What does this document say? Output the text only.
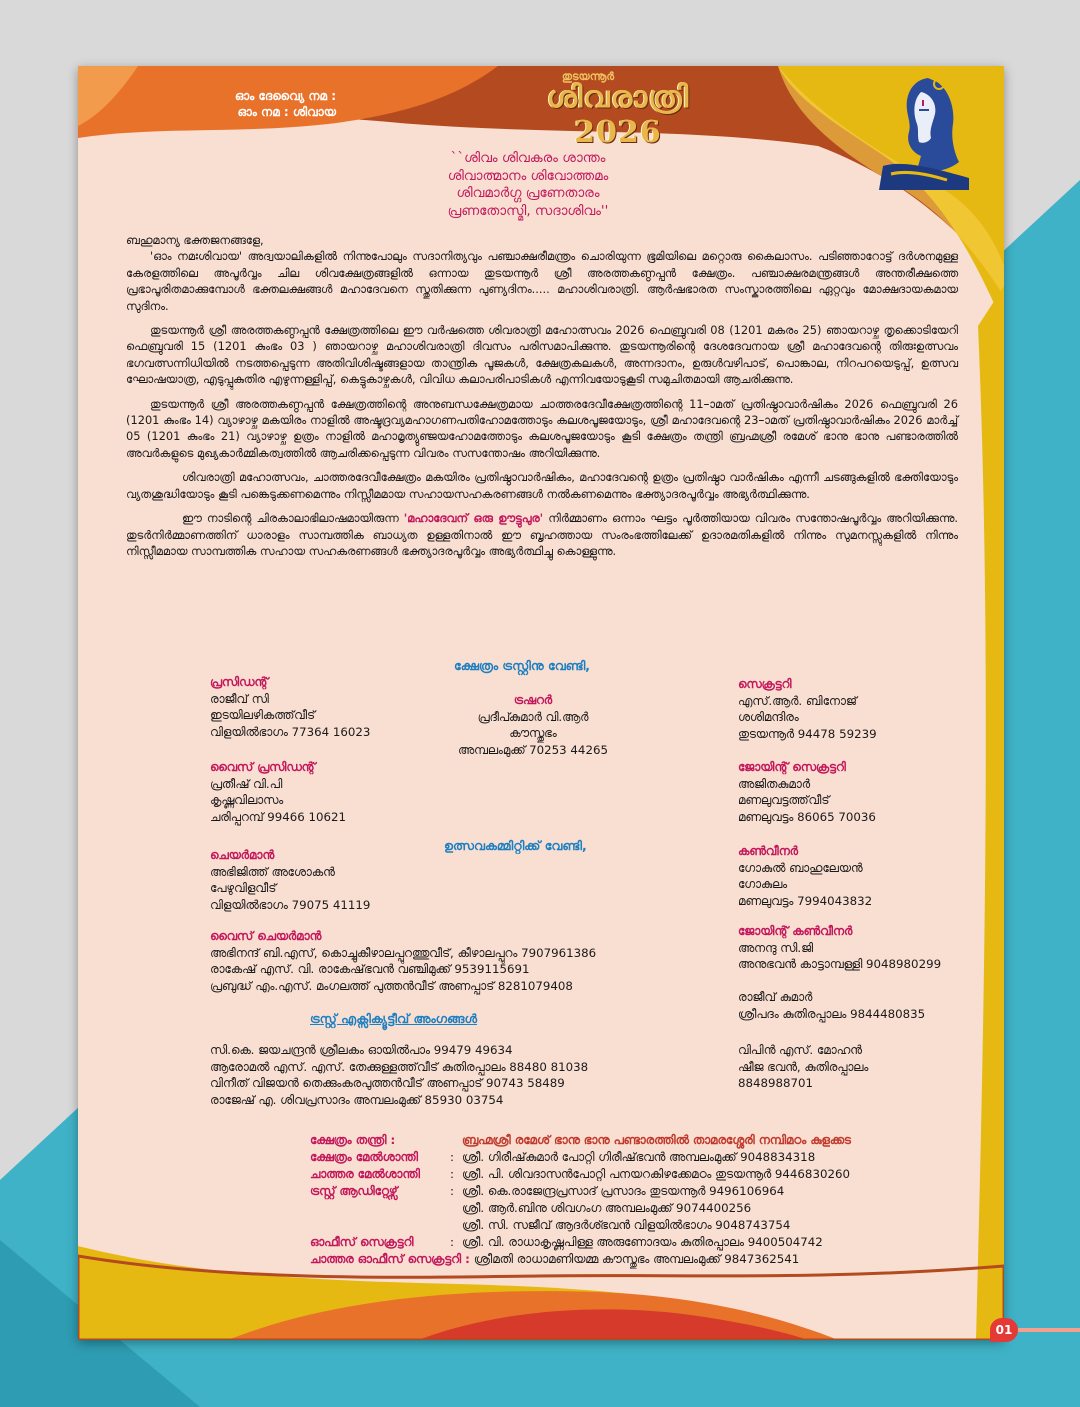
ഓം ദേവ്യൈ നമ :
ഓം നമ : ശിവായ
തുടയന്നൂർ
ശിവരാത്രി 2026
``ശിവം ശിവകരം ശാന്തം
ശിവാത്മാനം ശിവോത്തമം
ശിവമാർഗ്ഗ പ്രണേതാരം
പ്രണതോസ്മി, സദാശിവം''

ബഹുമാന്യ ഭക്തജനങ്ങളേ,

'ഓം നമഃശിവായ' അദ്വയാലികളിൽ നിന്നുപോലും സദാനിത്യവും പഞ്ചാക്ഷരീമന്ത്രം ചൊരിയുന്ന ഭൂമിയിലെ മറ്റൊരു കൈലാസം. പടിഞ്ഞാറോട്ട് ദർശനമുള്ള കേരളത്തിലെ അപൂർവ്വം ചില ശിവക്ഷേത്രങ്ങളിൽ ഒന്നായ തുടയന്നൂർ ശ്രീ അരത്തകണ്ഠപ്പൻ ക്ഷേത്രം. പഞ്ചാക്ഷരമന്ത്രങ്ങൾ അന്തരീക്ഷത്തെ പ്രഭാപൂരിതമാക്കുമ്പോൾ ഭക്തലക്ഷങ്ങൾ മഹാദേവനെ സ്തുതിക്കുന്ന പുണ്യദിനം..... മഹാശിവരാത്രി. ആർഷഭാരത സംസ്കാരത്തിലെ ഏറ്റവും മോക്ഷദായകമായ സുദിനം.

തുടയന്നൂർ ശ്രീ അരത്തകണ്ഠപ്പൻ ക്ഷേത്രത്തിലെ ഈ വർഷത്തെ ശിവരാത്രി മഹോത്സവം 2026 ഫെബ്രുവരി 08 (1201 മകരം 25) ഞായറാഴ്ച തൃക്കൊടിയേറി ഫെബ്രുവരി 15 (1201 കുംഭം 03 ) ഞായറാഴ്ച മഹാശിവരാത്രി ദിവസം പരിസമാപിക്കുന്നു. തുടയന്നൂരിന്റെ ദേശദേവനായ ശ്രീ മഹാദേവന്റെ തിരുഃഉത്സവം ഭഗവത്സന്നിധിയിൽ നടത്തപ്പെടുന്ന അതിവിശിഷ്ടങ്ങളായ താന്ത്രിക പൂജകൾ, ക്ഷേത്രകലകൾ, അന്നദാനം, ഉരുൾവഴിപാട്, പൊങ്കാല, നിറപറയെടുപ്പ്, ഉത്സവ ഘോഷയാത്ര, എടുപ്പുകുതിര എഴുന്നള്ളിപ്പ്, കെട്ടുകാഴ്ചകൾ, വിവിധ കലാപരിപാടികൾ എന്നിവയോടുകൂടി സമുചിതമായി ആചരിക്കുന്നു.

തുടയന്നൂർ ശ്രീ അരത്തകണ്ഠപ്പൻ ക്ഷേത്രത്തിന്റെ അനുബന്ധക്ഷേത്രമായ ചാത്തരദേവീക്ഷേത്രത്തിന്റെ 11–ാമത് പ്രതിഷ്ഠാവാർഷികം 2026 ഫെബ്രുവരി 26 (1201 കുംഭം 14) വ്യാഴാഴ്ച മകയിരം നാളിൽ അഷ്ടദ്രവ്യമഹാഗണപതിഹോമത്തോടും കലശപൂജയോടും, ശ്രീ മഹാദേവന്റെ 23–ാമത് പ്രതിഷ്ഠാവാർഷികം 2026 മാർച്ച് 05 (1201 കുംഭം 21) വ്യാഴാഴ്ച ഉത്രം നാളിൽ മഹാമൃത്യുഞ്ജയഹോമത്തോടും കലശപൂജയോടും കൂടി ക്ഷേത്രം തന്ത്രി ബ്രഹ്മശ്രീ രമേശ് ഭാനു ഭാനു പണ്ടാരത്തിൽ അവർകളുടെ മുഖ്യകാർമ്മികത്വത്തിൽ ആചരിക്കപ്പെടുന്ന വിവരം സസന്തോഷം അറിയിക്കുന്നു.

ശിവരാത്രി മഹോത്സവം, ചാത്തരദേവീക്ഷേത്രം മകയിരം പ്രതിഷ്ഠാവാർഷികം, മഹാദേവന്റെ ഉത്രം പ്രതിഷ്ഠാ വാർഷികം എന്നീ ചടങ്ങുകളിൽ ഭക്തിയോടും വ്യതശുദ്ധിയോടും കൂടി പങ്കെടുക്കണമെന്നും നിസ്സീമമായ സഹായസഹകരണങ്ങൾ നൽകണമെന്നും ഭക്ത്യാദരപൂർവ്വം അഭ്യർത്ഥിക്കുന്നു.

ഈ നാടിന്റെ ചിരകാലാഭിലാഷമായിരുന്ന 'മഹാദേവന് ഒരു ഊട്ടുപുര' നിർമ്മാണം ഒന്നാം ഘട്ടം പൂർത്തിയായ വിവരം സന്തോഷപൂർവ്വം അറിയിക്കുന്നു. തുടർനിർമ്മാണത്തിന് ധാരാളം സാമ്പത്തിക ബാധ്യത ഉള്ളതിനാൽ ഈ ബൃഹത്തായ സംരംഭത്തിലേക്ക് ഉദാരമതികളിൽ നിന്നും സുമനസ്സുകളിൽ നിന്നും നിസ്സീമമായ സാമ്പത്തിക സഹായ സഹകരണങ്ങൾ ഭക്ത്യാദരപൂർവ്വം അഭ്യർത്ഥിച്ചു കൊള്ളുന്നു.

ക്ഷേത്രം ട്രസ്റ്റിനു വേണ്ടി,
പ്രസിഡന്റ്
രാജീവ് സി
ഇടയിലഴികത്ത്‌വീട്
വിളയിൽഭാഗം 77364 16023
ട്രഷറർ
പ്രദീപ്കുമാർ വി.ആർ
കൗസ്തുഭം
അമ്പലംമുക്ക് 70253 44265
സെക്രട്ടറി
എസ്.ആർ. ബിനോജ്
ശശിമന്ദിരം
തുടയന്നൂർ 94478 59239
വൈസ് പ്രസിഡന്റ്
പ്രതീഷ് വി.പി
കൃഷ്ണവിലാസം
ചരിപ്പറമ്പ് 99466 10621
ജോയിന്റ് സെക്രട്ടറി
അജിതകുമാർ
മണലുവട്ടത്ത്‌വീട്
മണലുവട്ടം 86065 70036
ഉത്സവകമ്മിറ്റിക്ക് വേണ്ടി,
ചെയർമാൻ
അഭിജിത്ത് അശോകൻ
പേഴുവിളവീട്
വിളയിൽഭാഗം 79075 41119
കൺവീനർ
ഗോകുൽ ബാഹുലേയൻ
ഗോകുലം
മണലുവട്ടം 7994043832
വൈസ് ചെയർമാൻ
അഭിനന്ദ് ബി.എസ്, കൊച്ചുകീഴാലപ്പുറത്തുവീട്, കീഴാലപ്പുറം 7907961386
രാകേഷ് എസ്. വി. രാകേഷ്‌ഭവൻ വഞ്ചിമുക്ക് 9539115691
പ്രബുദ്ധ് എം.എസ്. മംഗലത്ത് പുത്തൻവീട് അണപ്പാട് 8281079408
ജോയിന്റ് കൺവീനർ
അനന്ദു സി.ജി
അനുഭവൻ കാട്ടാമ്പള്ളി 9048980299
രാജീവ് കുമാർ
ശ്രീപദം കുതിരപ്പാലം 9844480835
വിപിൻ എസ്. മോഹൻ
ഷീജ ഭവൻ, കുതിരപ്പാലം
8848988701
ട്രസ്റ്റ് എക്സിക്യൂട്ടീവ് അംഗങ്ങൾ
സി.കെ. ജയചന്ദ്രൻ ശ്രീലകം ഓയിൽപാം 99479 49634
ആരോമൽ എസ്. എസ്. തേക്കുള്ളത്ത്‌വീട് കുതിരപ്പാലം 88480 81038
വിനീത് വിജയൻ തെക്കുംകരപുത്തൻവീട് അണപ്പാട് 90743 58489
രാജേഷ് എ. ശിവപ്രസാദം അമ്പലംമുക്ക് 85930 03754
ക്ഷേത്രം തന്ത്രി :	ബ്രഹ്മശ്രീ രമേശ് ഭാനു ഭാനു പണ്ടാരത്തിൽ താമരശ്ശേരി നമ്പിമഠം കുളക്കട
ക്ഷേത്രം മേൽശാന്തി	: ശ്രീ. ഗിരീഷ്‌കുമാർ പോറ്റി ഗിരീഷ്‌ഭവൻ അമ്പലംമുക്ക് 9048834318
ചാത്തര മേൽശാന്തി	: ശ്രീ. പി. ശിവദാസൻപോറ്റി പനയറകിഴക്കേമഠം തുടയന്നൂർ 9446830260
ട്രസ്റ്റ് ആഡിറ്റേഴ്സ്	: ശ്രീ. കെ.രാജേന്ദ്രപ്രസാദ് പ്രസാദം തുടയന്നൂർ 9496106964
ശ്രീ. ആർ.ബിനു ശിവഗംഗ അമ്പലംമുക്ക് 9074400256
ശ്രീ. സി. സജീവ് ആദർശ്ഭവൻ വിളയിൽഭാഗം 9048743754
ഓഫീസ് സെക്രട്ടറി	: ശ്രീ. വി. രാധാകൃഷ്ണപിള്ള അരുണോദയം കുതിരപ്പാലം 9400504742
ചാത്തര ഓഫീസ് സെക്രട്ടറി : ശ്രീമതി രാധാമണിയമ്മ കൗസ്തുഭം അമ്പലംമുക്ക് 9847362541
01
